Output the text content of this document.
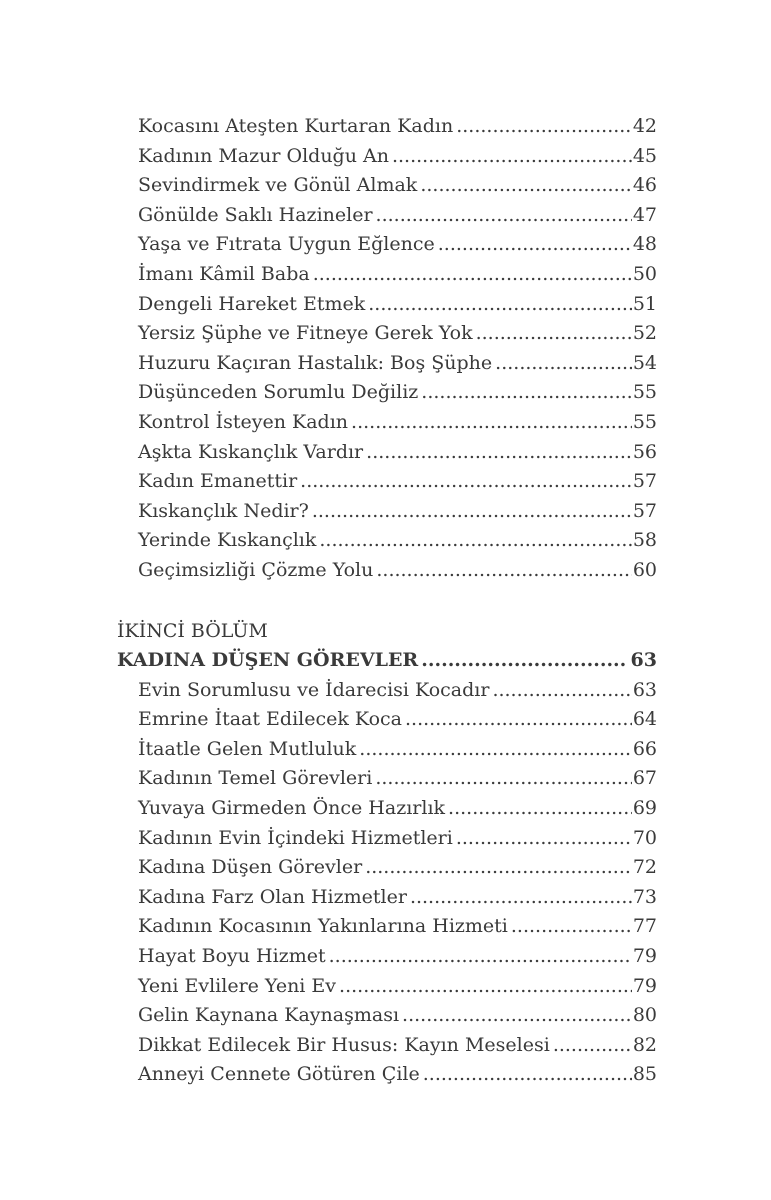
Kocasını Ateşten Kurtaran Kadın .....	42
Kadının Mazur Olduğu An .....	45
Sevindirmek ve Gönül Almak .....	46
Gönülde Saklı Hazineler .....	47
Yaşa ve Fıtrata Uygun Eğlence .....	48
İmanı Kâmil Baba .....	50
Dengeli Hareket Etmek .....	51
Yersiz Şüphe ve Fitneye Gerek Yok .....	52
Huzuru Kaçıran Hastalık: Boş Şüphe .....	54
Düşünceden Sorumlu Değiliz .....	55
Kontrol İsteyen Kadın .....	55
Aşkta Kıskançlık Vardır .....	56
Kadın Emanettir .....	57
Kıskançlık Nedir? .....	57
Yerinde Kıskançlık .....	58
Geçimsizliği Çözme Yolu .....	60
İKİNCİ BÖLÜM
KADINA DÜŞEN GÖREVLER .....	63
Evin Sorumlusu ve İdarecisi Kocadır .....	63
Emrine İtaat Edilecek Koca .....	64
İtaatle Gelen Mutluluk .....	66
Kadının Temel Görevleri .....	67
Yuvaya Girmeden Önce Hazırlık .....	69
Kadının Evin İçindeki Hizmetleri .....	70
Kadına Düşen Görevler .....	72
Kadına Farz Olan Hizmetler .....	73
Kadının Kocasının Yakınlarına Hizmeti .....	77
Hayat Boyu Hizmet .....	79
Yeni Evlilere Yeni Ev .....	79
Gelin Kaynana Kaynaşması .....	80
Dikkat Edilecek Bir Husus: Kayın Meselesi .....	82
Anneyi Cennete Götüren Çile .....	85
